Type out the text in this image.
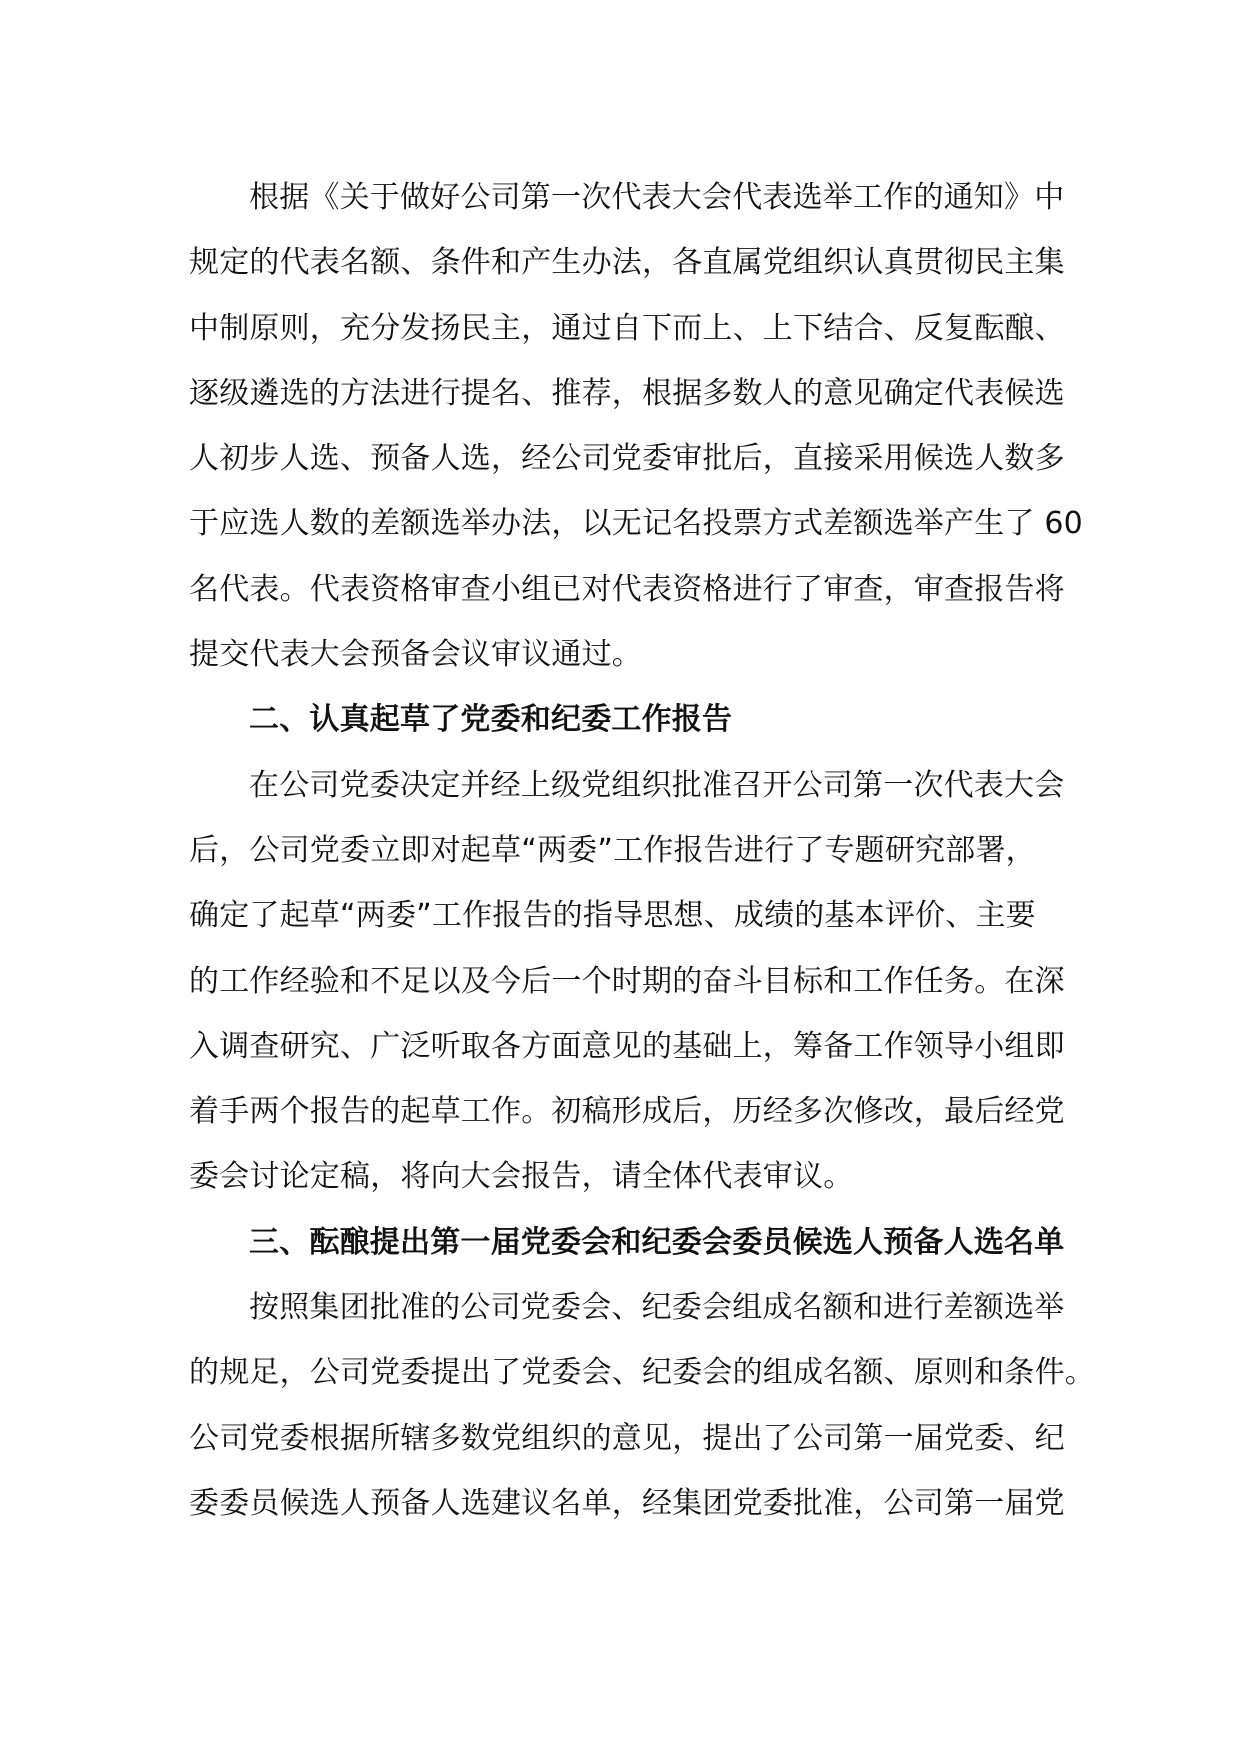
根据《关于做好公司第一次代表大会代表选举工作的通知》中
规定的代表名额、条件和产生办法，各直属党组织认真贯彻民主集
中制原则，充分发扬民主，通过自下而上、上下结合、反复酝酿、
逐级遴选的方法进行提名、推荐，根据多数人的意见确定代表候选
人初步人选、预备人选，经公司党委审批后，直接采用候选人数多
于应选人数的差额选举办法，以无记名投票方式差额选举产生了 60
名代表。代表资格审查小组已对代表资格进行了审查，审查报告将
提交代表大会预备会议审议通过。
二、认真起草了党委和纪委工作报告
在公司党委决定并经上级党组织批准召开公司第一次代表大会
后，公司党委立即对起草“两委”工作报告进行了专题研究部署，
确定了起草“两委”工作报告的指导思想、成绩的基本评价、主要
的工作经验和不足以及今后一个时期的奋斗目标和工作任务。在深
入调查研究、广泛听取各方面意见的基础上，筹备工作领导小组即
着手两个报告的起草工作。初稿形成后，历经多次修改，最后经党
委会讨论定稿，将向大会报告，请全体代表审议。
三、酝酿提出第一届党委会和纪委会委员候选人预备人选名单
按照集团批准的公司党委会、纪委会组成名额和进行差额选举
的规足，公司党委提出了党委会、纪委会的组成名额、原则和条件。
公司党委根据所辖多数党组织的意见，提出了公司第一届党委、纪
委委员候选人预备人选建议名单，经集团党委批准，公司第一届党
